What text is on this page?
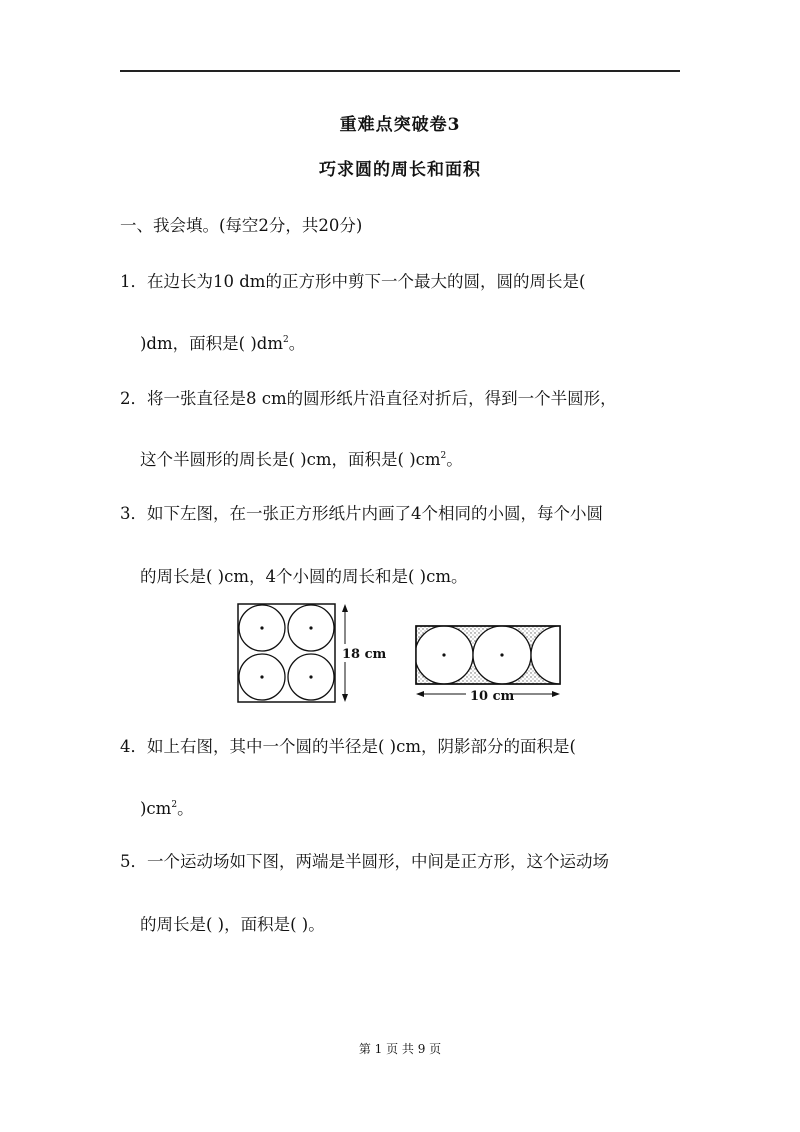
重难点突破卷3
巧求圆的周长和面积
一、我会填。(每空2分，共20分)
1．在边长为10 dm的正方形中剪下一个最大的圆，圆的周长是(
)dm，面积是( )$dm^2$。
2．将一张直径是8 cm的圆形纸片沿直径对折后，得到一个半圆形，
这个半圆形的周长是( )cm，面积是( )$cm^2$。
3．如下左图，在一张正方形纸片内画了4个相同的小圆，每个小圆
的周长是( )cm，4个小圆的周长和是( )cm。
18 cm
10 cm
4．如上右图，其中一个圆的半径是( )cm，阴影部分的面积是(
)$cm^2$。
5．一个运动场如下图，两端是半圆形，中间是正方形，这个运动场
的周长是( )，面积是( )。
第 1 页 共 9 页
